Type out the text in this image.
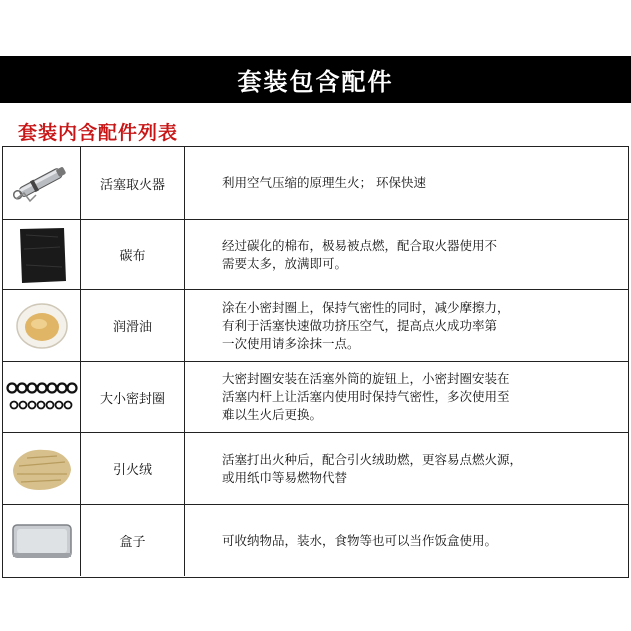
套装包含配件
套装内含配件列表
活塞取火器	利用空气压缩的原理生火； 环保快速
碳布
经过碳化的棉布，极易被点燃，配合取火器使用不
需要太多，放满即可。
润滑油
涂在小密封圈上，保持气密性的同时，减少摩擦力，
有利于活塞快速做功挤压空气，提高点火成功率第
一次使用请多涂抹一点。
大小密封圈
大密封圈安装在活塞外筒的旋钮上，小密封圈安装在
活塞内杆上让活塞内使用时保持气密性，多次使用至
难以生火后更换。
引火绒
活塞打出火种后，配合引火绒助燃，更容易点燃火源，
或用纸巾等易燃物代替
盒子	可收纳物品，装水，食物等也可以当作饭盒使用。
